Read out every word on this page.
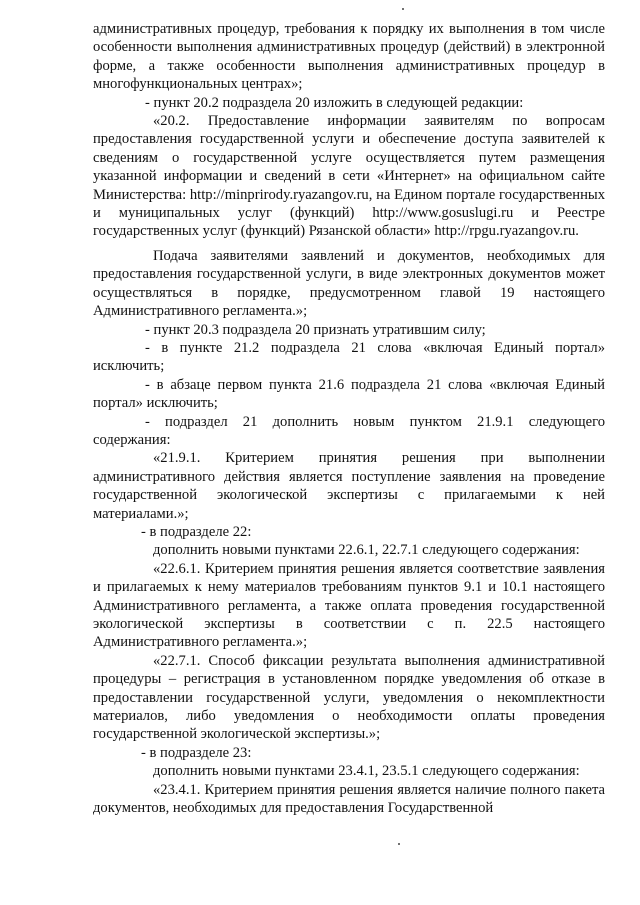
административных процедур, требования к порядку их выполнения в том числе особенности выполнения административных процедур (действий) в электронной форме, а также особенности выполнения административных процедур в многофункциональных центрах»;

- пункт 20.2 подраздела 20 изложить в следующей редакции:

«20.2. Предоставление информации заявителям по вопросам предоставления государственной услуги и обеспечение доступа заявителей к сведениям о государственной услуге осуществляется путем размещения указанной информации и сведений в сети «Интернет» на официальном сайте Министерства: http://minprirody.ryazangov.ru, на Едином портале государственных и муниципальных услуг (функций) http://www.gosuslugi.ru и Реестре государственных услуг (функций) Рязанской области» http://rpgu.ryazangov.ru.

Подача заявителями заявлений и документов, необходимых для предоставления государственной услуги, в виде электронных документов может осуществляться в порядке, предусмотренном главой 19 настоящего Административного регламента.»;

- пункт 20.3 подраздела 20 признать утратившим силу;

- в пункте 21.2 подраздела 21 слова «включая Единый портал» исключить;

- в абзаце первом пункта 21.6 подраздела 21 слова «включая Единый портал» исключить;

- подраздел 21 дополнить новым пунктом 21.9.1 следующего содержания:

«21.9.1. Критерием принятия решения при выполнении административного действия является поступление заявления на проведение государственной экологической экспертизы с прилагаемыми к ней материалами.»;

- в подразделе 22:

дополнить новыми пунктами 22.6.1, 22.7.1 следующего содержания:

«22.6.1. Критерием принятия решения является соответствие заявления и прилагаемых к нему материалов требованиям пунктов 9.1 и 10.1 настоящего Административного регламента, а также оплата проведения государственной экологической экспертизы в соответствии с п. 22.5 настоящего Административного регламента.»;

«22.7.1. Способ фиксации результата выполнения административной процедуры – регистрация в установленном порядке уведомления об отказе в предоставлении государственной услуги, уведомления о некомплектности материалов, либо уведомления о необходимости оплаты проведения государственной экологической экспертизы.»;

- в подразделе 23:

дополнить новыми пунктами 23.4.1, 23.5.1 следующего содержания:

«23.4.1. Критерием принятия решения является наличие полного пакета документов, необходимых для предоставления Государственной
